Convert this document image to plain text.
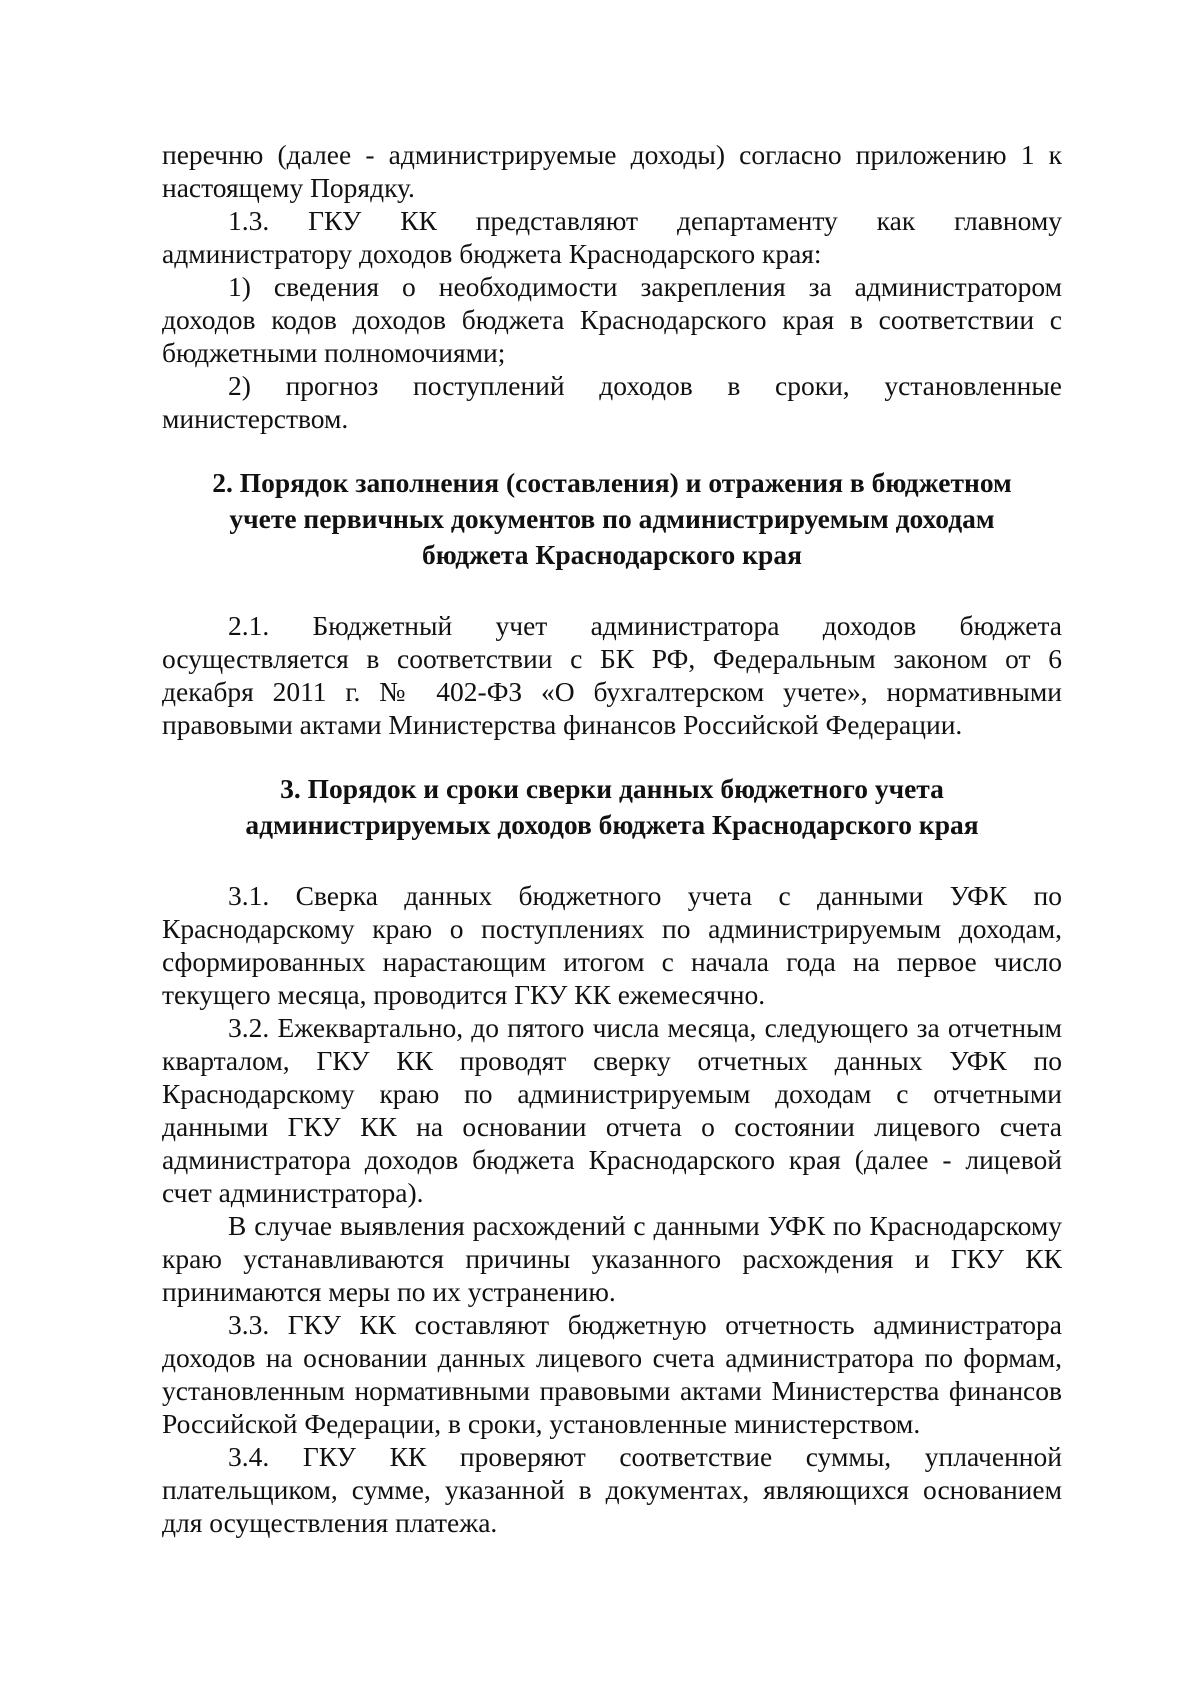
перечню (далее - администрируемые доходы) согласно приложению 1 к настоящему Порядку.

1.3. ГКУ КК представляют департаменту как главному администратору доходов бюджета Краснодарского края:

1) сведения о необходимости закрепления за администратором доходов кодов доходов бюджета Краснодарского края в соответствии с бюджетными полномочиями;

2) прогноз поступлений доходов в сроки, установленные министерством.

2. Порядок заполнения (составления) и отражения в бюджетном
учете первичных документов по администрируемым доходам
бюджета Краснодарского края

2.1. Бюджетный учет администратора доходов бюджета осуществляется в соответствии с БК РФ, Федеральным законом от 6 декабря 2011 г. № 402-ФЗ «О бухгалтерском учете», нормативными правовыми актами Министерства финансов Российской Федерации.

3. Порядок и сроки сверки данных бюджетного учета
администрируемых доходов бюджета Краснодарского края

3.1. Сверка данных бюджетного учета с данными УФК по Краснодарскому краю о поступлениях по администрируемым доходам, сформированных нарастающим итогом с начала года на первое число текущего месяца, проводится ГКУ КК ежемесячно.

3.2. Ежеквартально, до пятого числа месяца, следующего за отчетным кварталом, ГКУ КК проводят сверку отчетных данных УФК по Краснодарскому краю по администрируемым доходам с отчетными данными ГКУ КК на основании отчета о состоянии лицевого счета администратора доходов бюджета Краснодарского края (далее - лицевой счет администратора).

В случае выявления расхождений с данными УФК по Краснодарскому краю устанавливаются причины указанного расхождения и ГКУ КК принимаются меры по их устранению.

3.3. ГКУ КК составляют бюджетную отчетность администратора доходов на основании данных лицевого счета администратора по формам, установленным нормативными правовыми актами Министерства финансов Российской Федерации, в сроки, установленные министерством.

3.4. ГКУ КК проверяют соответствие суммы, уплаченной плательщиком, сумме, указанной в документах, являющихся основанием для осуществления платежа.
